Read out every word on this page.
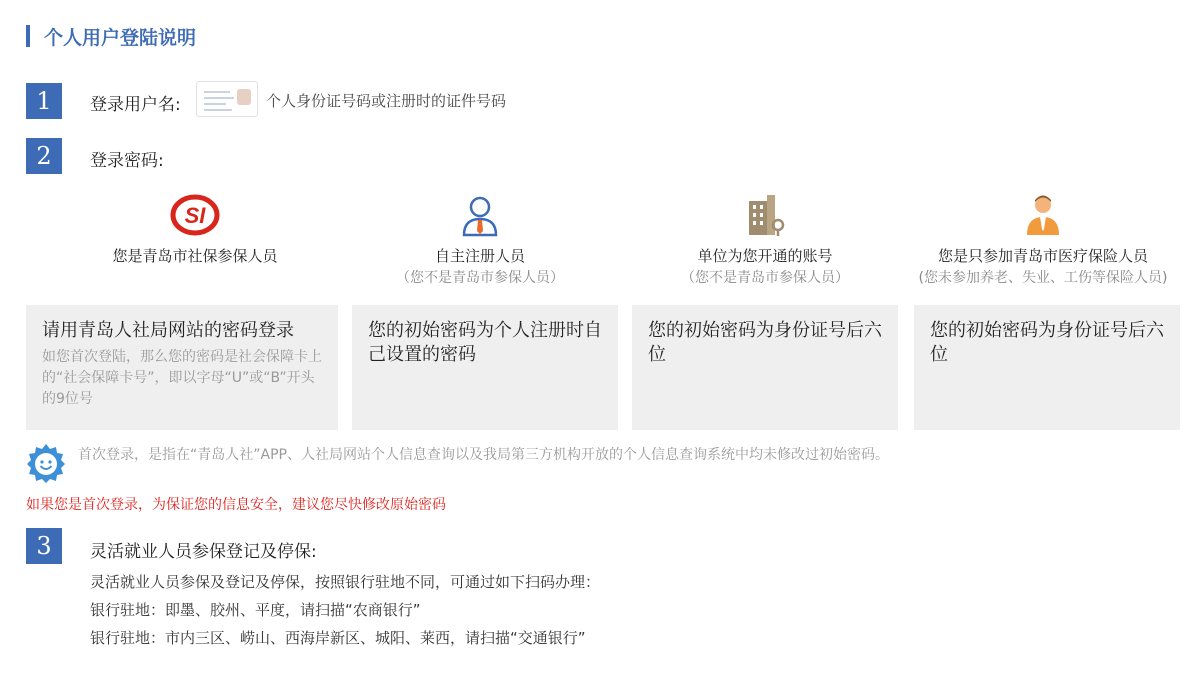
个人用户登陆说明
1	登录用户名:	个人身份证号码或注册时的证件号码
2	登录密码:
SI
您是青岛市社保参保人员	自主注册人员
（您不是青岛市参保人员）
单位为您开通的账号
（您不是青岛市参保人员）
您是只参加青岛市医疗保险人员
(您未参加养老、失业、工伤等保险人员)
请用青岛人社局网站的密码登录
如您首次登陆，那么您的密码是社会保障卡上的“社会保障卡号”，即以字母“U”或“B”开头的9位号
您的初始密码为个人注册时自己设置的密码
您的初始密码为身份证号后六位
您的初始密码为身份证号后六位
首次登录，是指在“青岛人社”APP、人社局网站个人信息查询以及我局第三方机构开放的个人信息查询系统中均未修改过初始密码。
如果您是首次登录，为保证您的信息安全，建议您尽快修改原始密码
3	灵活就业人员参保登记及停保:
灵活就业人员参保及登记及停保，按照银行驻地不同，可通过如下扫码办理：
银行驻地：即墨、胶州、平度，请扫描“农商银行”
银行驻地：市内三区、崂山、西海岸新区、城阳、莱西，请扫描“交通银行”
